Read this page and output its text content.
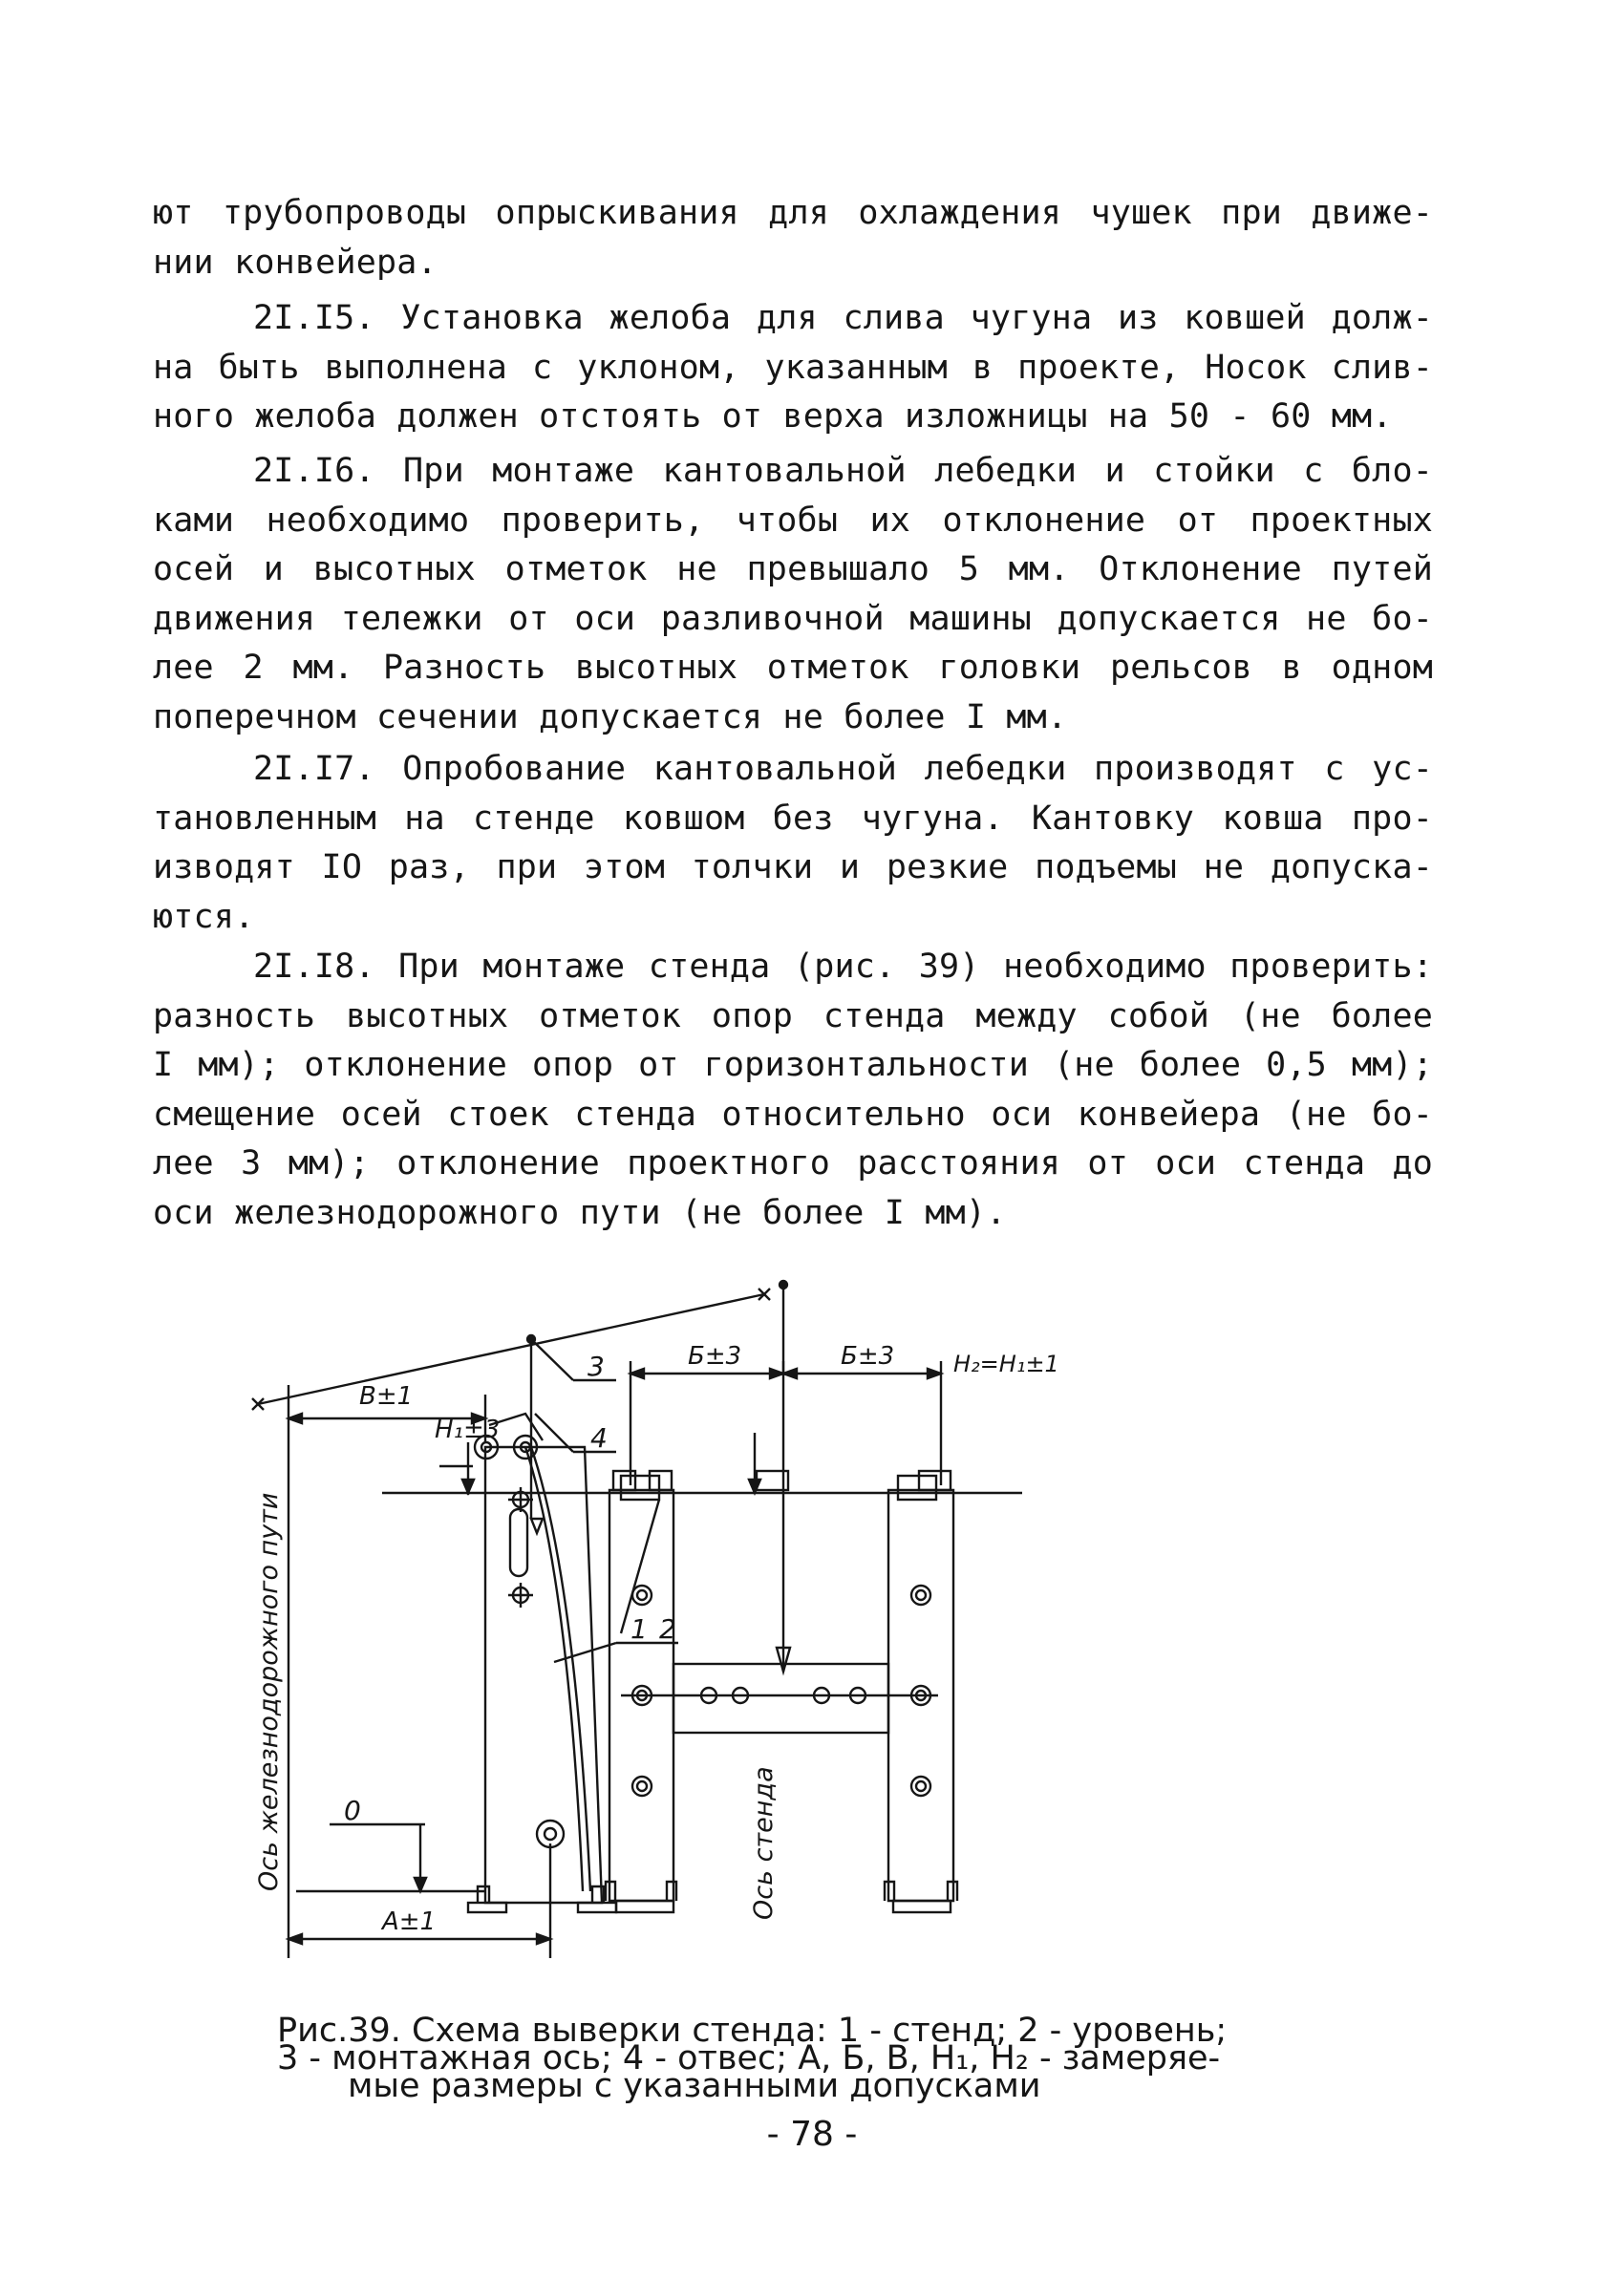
ют трубопроводы опрыскивания для охлаждения чушек при движе-
нии конвейера.
2I.I5. Установка желоба для слива чугуна из ковшей долж-
на быть выполнена с уклоном, указанным в проекте, Носок слив-
ного желоба должен отстоять от верха изложницы на 50 - 60 мм.
2I.I6. При монтаже кантовальной лебедки и стойки с бло-
ками необходимо проверить, чтобы их отклонение от проектных
осей и высотных отметок не превышало 5 мм. Отклонение путей
движения тележки от оси разливочной машины допускается не бо-
лее 2 мм. Разность высотных отметок головки рельсов в одном
поперечном сечении допускается не более I мм.
2I.I7. Опробование кантовальной лебедки производят с ус-
тановленным на стенде ковшом без чугуна. Кантовку ковша про-
изводят IO раз, при этом толчки и резкие подъемы не допуска-
ются.
2I.I8. При монтаже стенда (рис. 39) необходимо проверить:
разность высотных отметок опор стенда между собой (не более
I мм); отклонение опор от горизонтальности (не более 0,5 мм);
смещение осей стоек стенда относительно оси конвейера (не бо-
лее 3 мм); отклонение проектного расстояния от оси стенда до
оси железнодорожного пути (не более I мм).
В±1
А±1
Б±3	Б±3
H₁±3
H₂=H₁±1
0
1 2
3
4
Ось железнодорожного пути	Ось стенда
Рис.39. Схема выверки стенда: 1 - стенд; 2 - уровень;
3 - монтажная ось; 4 - отвес; А, Б, В, H₁, H₂ - замеряе-
мые размеры с указанными допусками
- 78 -
